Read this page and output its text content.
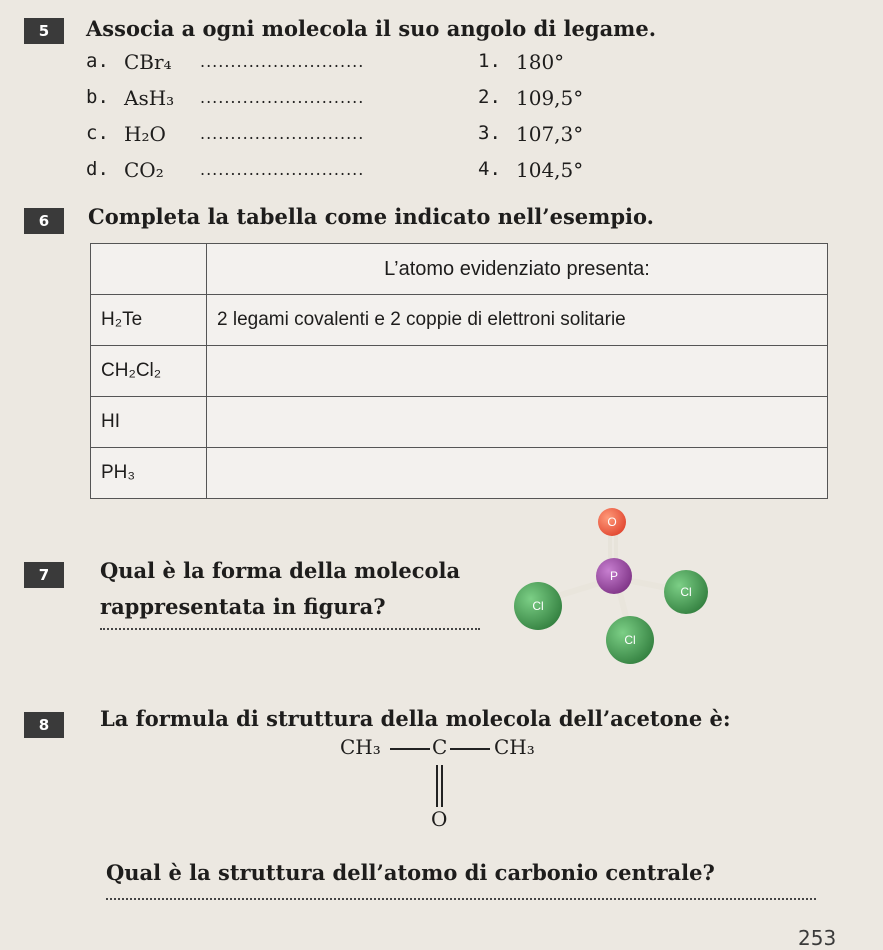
5	Associa a ogni molecola il suo angolo di legame.
a. CBr₄ ...........................
b. AsH₃ ...........................
c. H₂O ...........................
d. CO₂ ...........................
1. 180°
2. 109,5°
3. 107,3°
4. 104,5°
6	Completa la tabella come indicato nell’esempio.
	L’atomo evidenziato presenta:
H₂Te	2 legami covalenti e 2 coppie di elettroni solitarie
CH₂Cl₂	
HI	
PH₃	
7	Qual è la forma della molecola
rappresentata in figura?
O
P
Cl
Cl
Cl
8	La formula di struttura della molecola dell’acetone è:
CH₃	C CH₃
O
Qual è la struttura dell’atomo di carbonio centrale?
253
